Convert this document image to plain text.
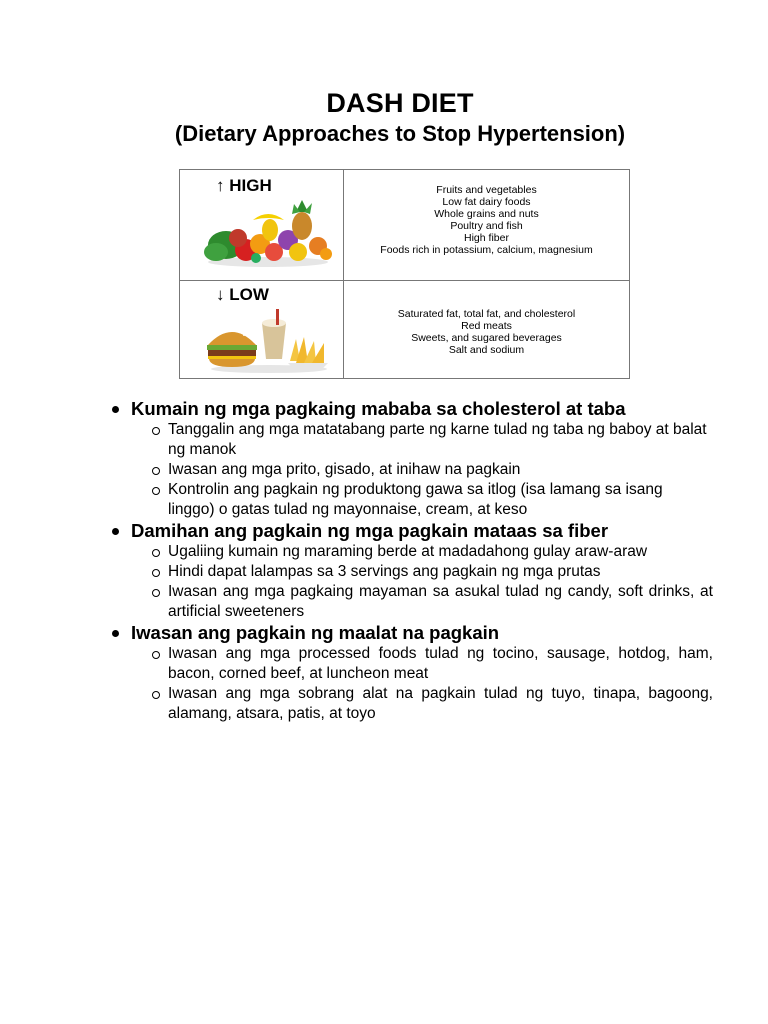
DASH DIET
(Dietary Approaches to Stop Hypertension)
↑ HIGH	Fruits and vegetables
Low fat dairy foods
Whole grains and nuts
Poultry and fish
High fiber
Foods rich in potassium, calcium, magnesium
↓ LOW
Saturated fat, total fat, and cholesterol
Red meats
Sweets, and sugared beverages
Salt and sodium
Kumain ng mga pagkaing mababa sa cholesterol at taba
Tanggalin ang mga matatabang parte ng karne tulad ng taba ng baboy at balat ng manok
Iwasan ang mga prito, gisado, at inihaw na pagkain
Kontrolin ang pagkain ng produktong gawa sa itlog (isa lamang sa isang linggo) o gatas tulad ng mayonnaise, cream, at keso
Damihan ang pagkain ng mga pagkain mataas sa fiber
Ugaliing kumain ng maraming berde at madadahong gulay araw-araw
Hindi dapat lalampas sa 3 servings ang pagkain ng mga prutas
Iwasan ang mga pagkaing mayaman sa asukal tulad ng candy, soft drinks, at artificial sweeteners
Iwasan ang pagkain ng maalat na pagkain
Iwasan ang mga processed foods tulad ng tocino, sausage, hotdog, ham, bacon, corned beef, at luncheon meat
Iwasan ang mga sobrang alat na pagkain tulad ng tuyo, tinapa, bagoong, alamang, atsara, patis, at toyo
